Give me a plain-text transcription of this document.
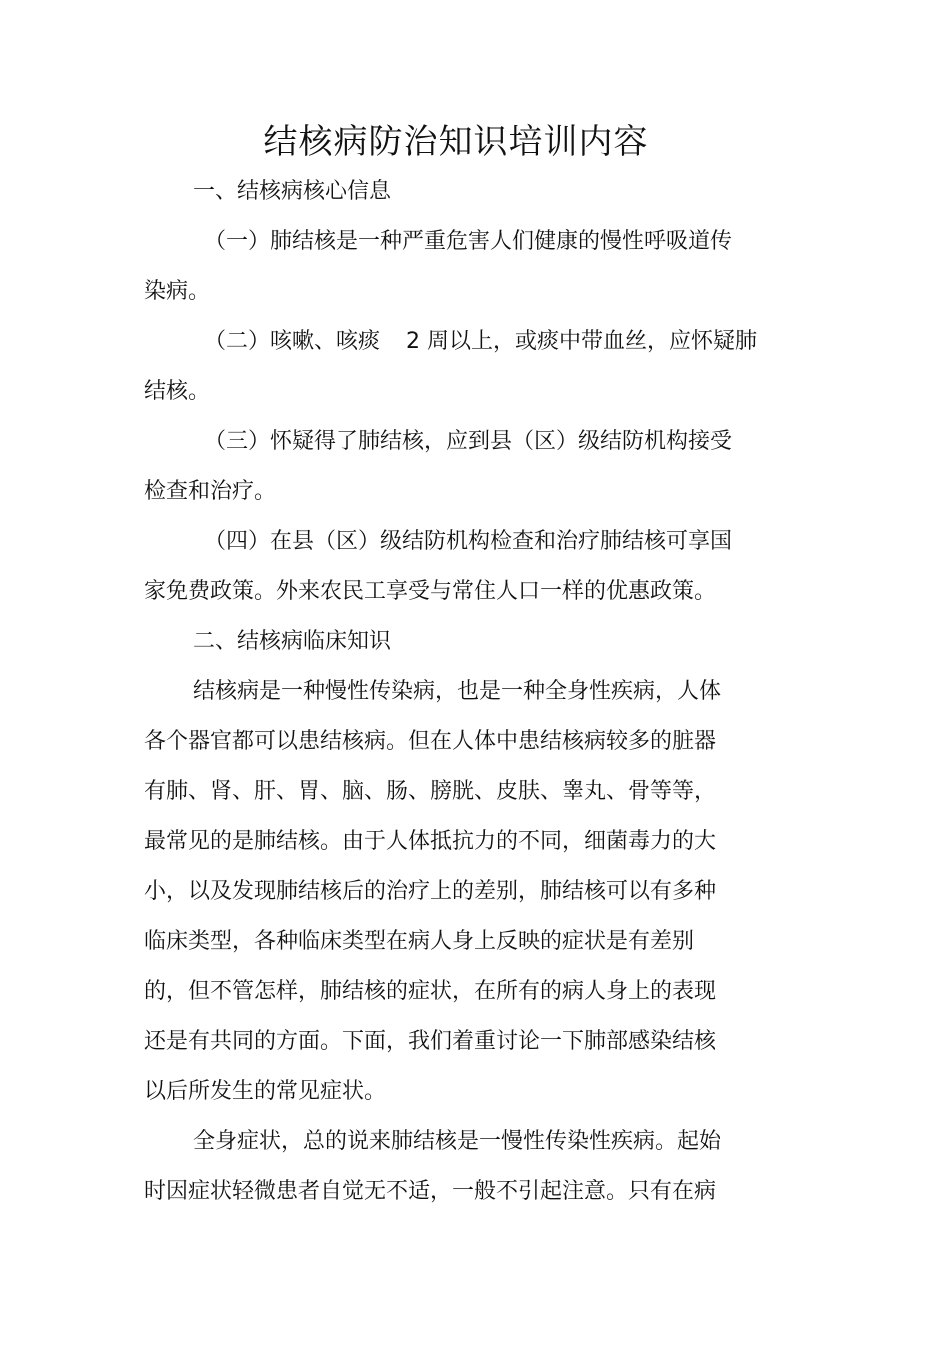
结核病防治知识培训内容
一、结核病核心信息
（一）肺结核是一种严重危害人们健康的慢性呼吸道传
染病。
（二）咳嗽、咳痰 2 周以上，或痰中带血丝，应怀疑肺
结核。
（三）怀疑得了肺结核，应到县（区）级结防机构接受
检查和治疗。
（四）在县（区）级结防机构检查和治疗肺结核可享国
家免费政策。外来农民工享受与常住人口一样的优惠政策。
二、结核病临床知识
结核病是一种慢性传染病，也是一种全身性疾病，人体
各个器官都可以患结核病。但在人体中患结核病较多的脏器
有肺、肾、肝、胃、脑、肠、膀胱、皮肤、睾丸、骨等等，
最常见的是肺结核。由于人体抵抗力的不同，细菌毒力的大
小，以及发现肺结核后的治疗上的差别，肺结核可以有多种
临床类型，各种临床类型在病人身上反映的症状是有差别
的，但不管怎样，肺结核的症状，在所有的病人身上的表现
还是有共同的方面。下面，我们着重讨论一下肺部感染结核
以后所发生的常见症状。
全身症状，总的说来肺结核是一慢性传染性疾病。起始
时因症状轻微患者自觉无不适，一般不引起注意。只有在病
